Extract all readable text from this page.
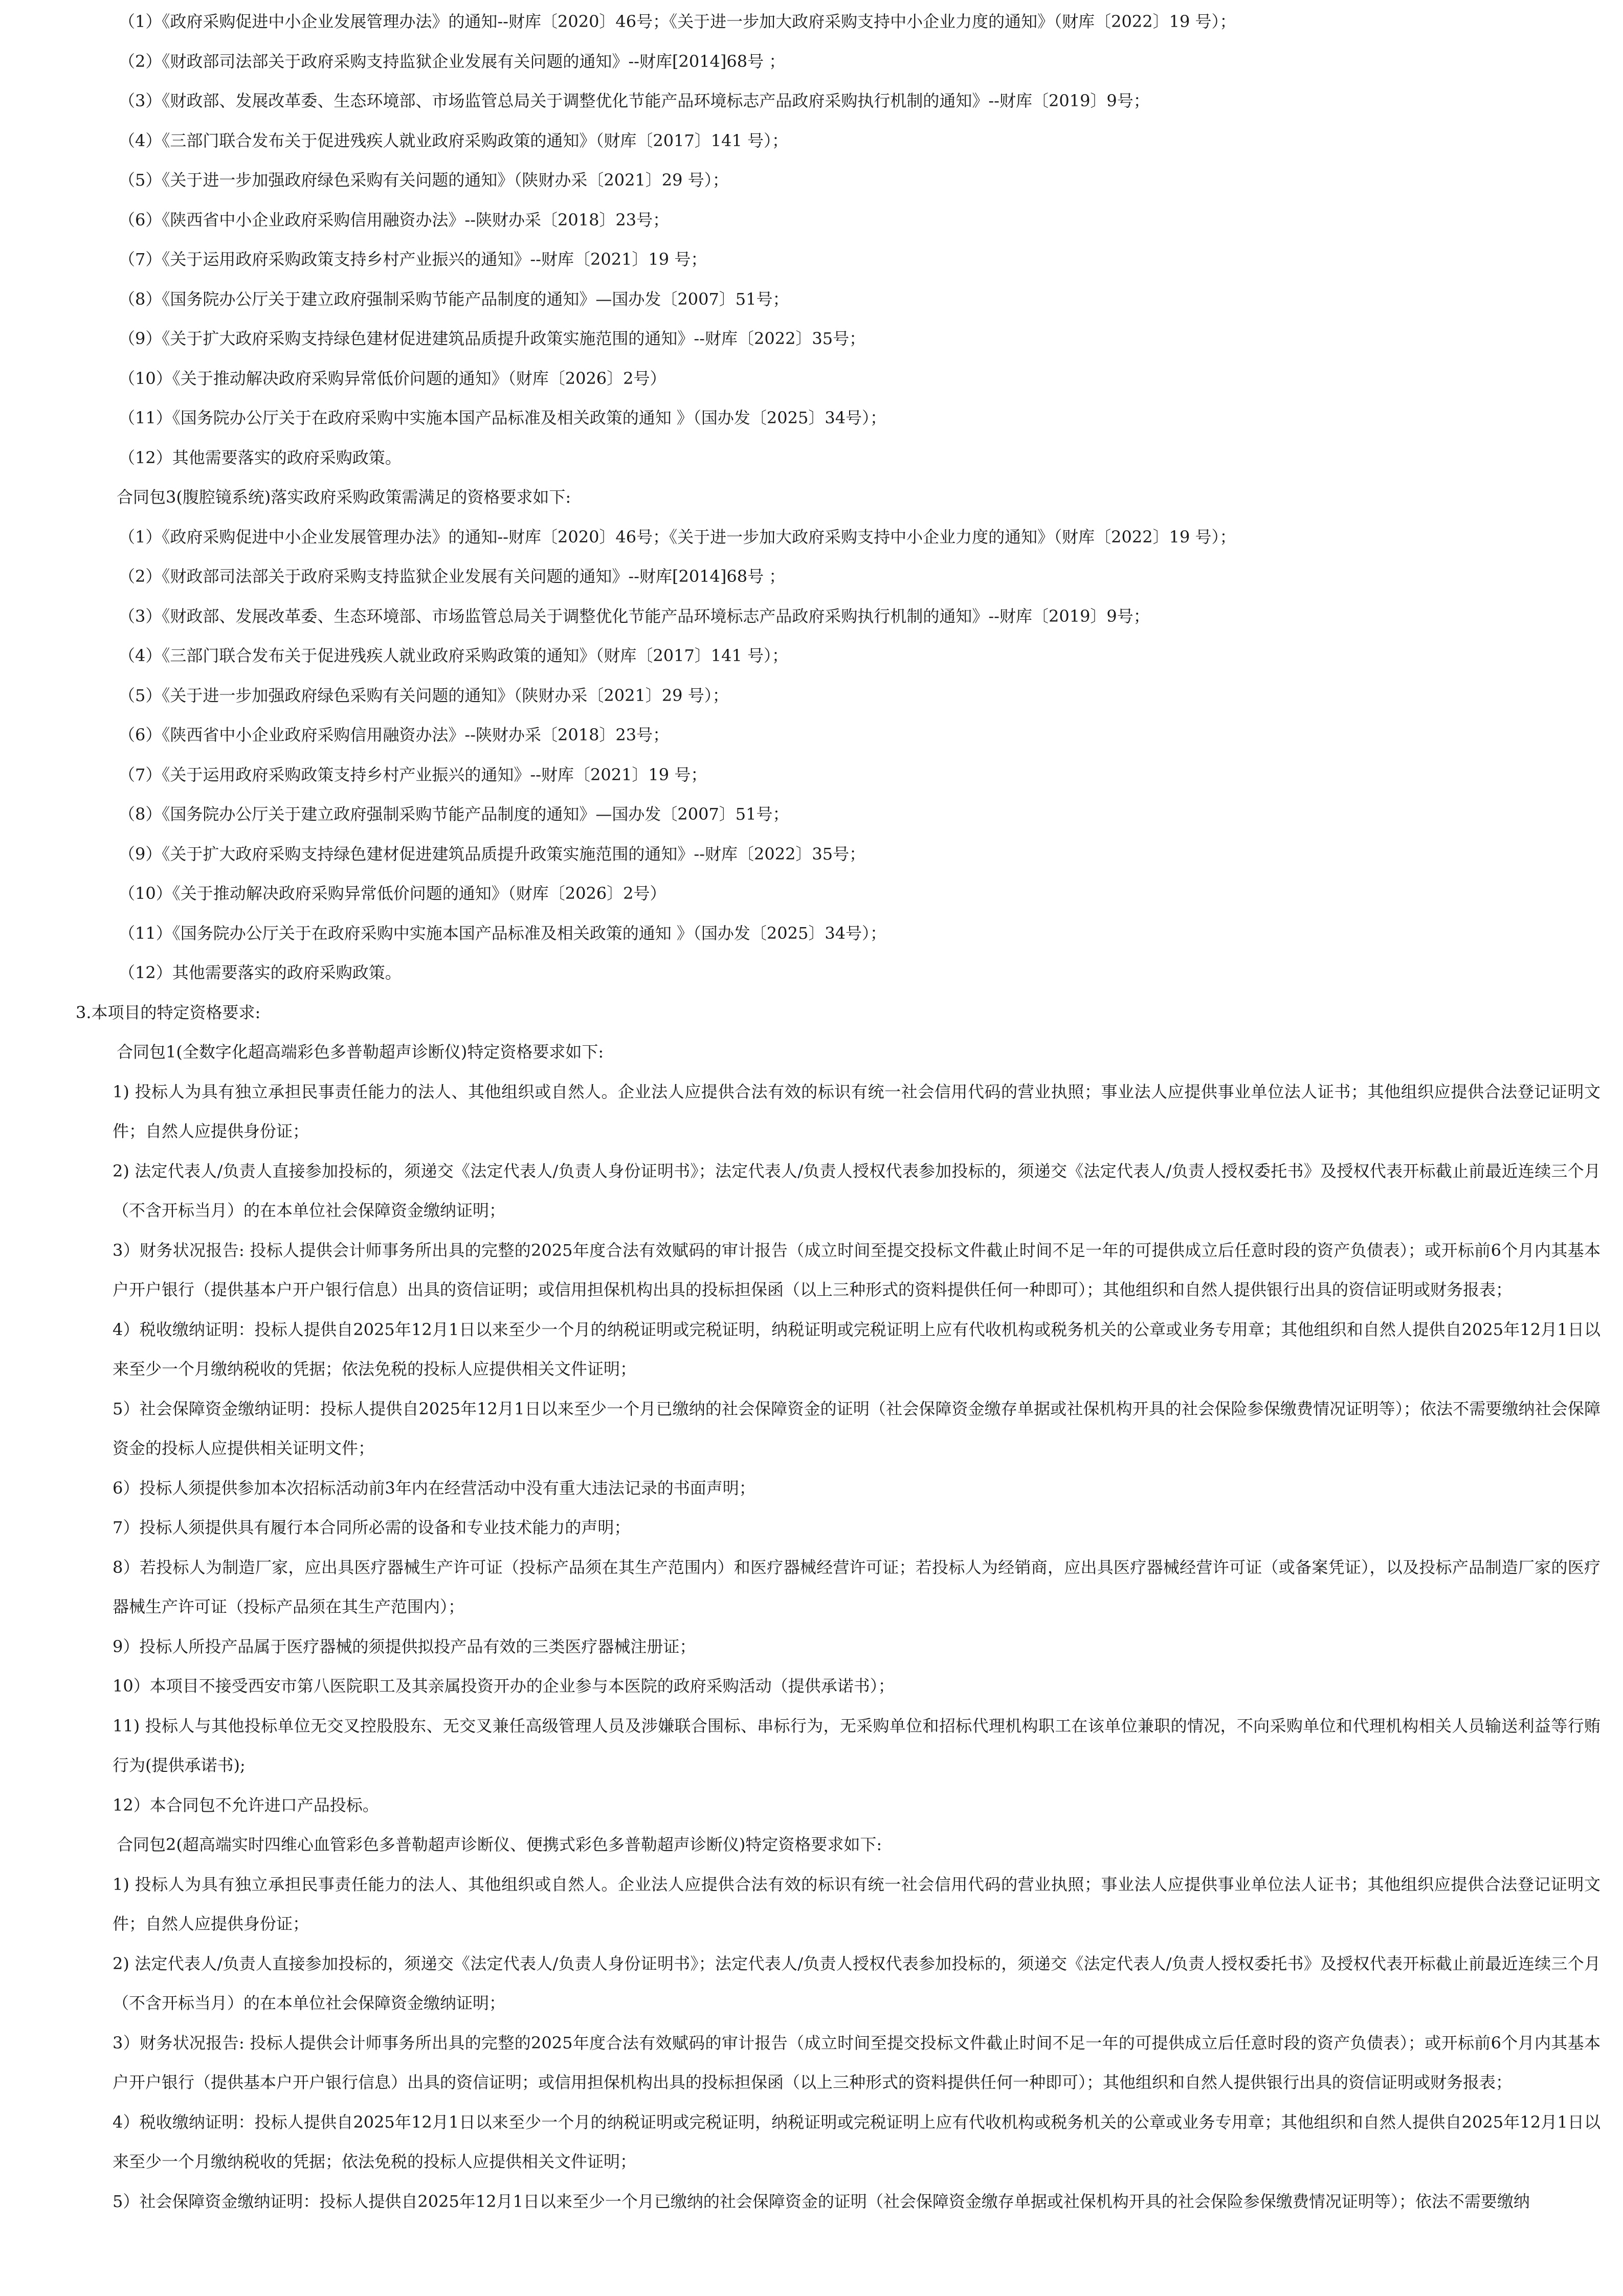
（1）《政府采购促进中小企业发展管理办法》的通知--财库〔2020〕46号；《关于进一步加大政府采购支持中小企业力度的通知》（财库〔2022〕19 号）；
（2）《财政部司法部关于政府采购支持监狱企业发展有关问题的通知》--财库[2014]68号 ；
（3）《财政部、发展改革委、生态环境部、市场监管总局关于调整优化节能产品环境标志产品政府采购执行机制的通知》--财库〔2019〕9号；
（4）《三部门联合发布关于促进残疾人就业政府采购政策的通知》（财库〔2017〕141 号）；
（5）《关于进一步加强政府绿色采购有关问题的通知》（陕财办采〔2021〕29 号）；
（6）《陕西省中小企业政府采购信用融资办法》--陕财办采〔2018〕23号；
（7）《关于运用政府采购政策支持乡村产业振兴的通知》--财库〔2021〕19 号；
（8）《国务院办公厅关于建立政府强制采购节能产品制度的通知》—国办发〔2007〕51号；
（9）《关于扩大政府采购支持绿色建材促进建筑品质提升政策实施范围的通知》--财库〔2022〕35号；
（10）《关于推动解决政府采购异常低价问题的通知》（财库〔2026〕2号）
（11）《国务院办公厅关于在政府采购中实施本国产品标准及相关政策的通知 》（国办发〔2025〕34号）；
（12）其他需要落实的政府采购政策。
合同包3(腹腔镜系统)落实政府采购政策需满足的资格要求如下:
（1）《政府采购促进中小企业发展管理办法》的通知--财库〔2020〕46号；《关于进一步加大政府采购支持中小企业力度的通知》（财库〔2022〕19 号）；
（2）《财政部司法部关于政府采购支持监狱企业发展有关问题的通知》--财库[2014]68号 ；
（3）《财政部、发展改革委、生态环境部、市场监管总局关于调整优化节能产品环境标志产品政府采购执行机制的通知》--财库〔2019〕9号；
（4）《三部门联合发布关于促进残疾人就业政府采购政策的通知》（财库〔2017〕141 号）；
（5）《关于进一步加强政府绿色采购有关问题的通知》（陕财办采〔2021〕29 号）；
（6）《陕西省中小企业政府采购信用融资办法》--陕财办采〔2018〕23号；
（7）《关于运用政府采购政策支持乡村产业振兴的通知》--财库〔2021〕19 号；
（8）《国务院办公厅关于建立政府强制采购节能产品制度的通知》—国办发〔2007〕51号；
（9）《关于扩大政府采购支持绿色建材促进建筑品质提升政策实施范围的通知》--财库〔2022〕35号；
（10）《关于推动解决政府采购异常低价问题的通知》（财库〔2026〕2号）
（11）《国务院办公厅关于在政府采购中实施本国产品标准及相关政策的通知 》（国办发〔2025〕34号）；
（12）其他需要落实的政府采购政策。
3.本项目的特定资格要求:
合同包1(全数字化超高端彩色多普勒超声诊断仪)特定资格要求如下:

1) 投标人为具有独立承担民事责任能力的法人、其他组织或自然人。企业法人应提供合法有效的标识有统一社会信用代码的营业执照；事业法人应提供事业单位法人证书；其他组织应提供合法登记证明文件；自然人应提供身份证；

2) 法定代表人/负责人直接参加投标的，须递交《法定代表人/负责人身份证明书》；法定代表人/负责人授权代表参加投标的，须递交《法定代表人/负责人授权委托书》及授权代表开标截止前最近连续三个月（不含开标当月）的在本单位社会保障资金缴纳证明；

3）财务状况报告: 投标人提供会计师事务所出具的完整的2025年度合法有效赋码的审计报告（成立时间至提交投标文件截止时间不足一年的可提供成立后任意时段的资产负债表）；或开标前6个月内其基本户开户银行（提供基本户开户银行信息）出具的资信证明；或信用担保机构出具的投标担保函（以上三种形式的资料提供任何一种即可）；其他组织和自然人提供银行出具的资信证明或财务报表；

4）税收缴纳证明：投标人提供自2025年12月1日以来至少一个月的纳税证明或完税证明，纳税证明或完税证明上应有代收机构或税务机关的公章或业务专用章；其他组织和自然人提供自2025年12月1日以来至少一个月缴纳税收的凭据；依法免税的投标人应提供相关文件证明；

5）社会保障资金缴纳证明：投标人提供自2025年12月1日以来至少一个月已缴纳的社会保障资金的证明（社会保障资金缴存单据或社保机构开具的社会保险参保缴费情况证明等）；依法不需要缴纳社会保障资金的投标人应提供相关证明文件；

6）投标人须提供参加本次招标活动前3年内在经营活动中没有重大违法记录的书面声明；

7）投标人须提供具有履行本合同所必需的设备和专业技术能力的声明；

8）若投标人为制造厂家，应出具医疗器械生产许可证（投标产品须在其生产范围内）和医疗器械经营许可证；若投标人为经销商，应出具医疗器械经营许可证（或备案凭证），以及投标产品制造厂家的医疗器械生产许可证（投标产品须在其生产范围内）；

9）投标人所投产品属于医疗器械的须提供拟投产品有效的三类医疗器械注册证；

10）本项目不接受西安市第八医院职工及其亲属投资开办的企业参与本医院的政府采购活动（提供承诺书）；

11) 投标人与其他投标单位无交叉控股股东、无交叉兼任高级管理人员及涉嫌联合围标、串标行为，无采购单位和招标代理机构职工在该单位兼职的情况，不向采购单位和代理机构相关人员输送利益等行贿行为(提供承诺书);

12）本合同包不允许进口产品投标。

合同包2(超高端实时四维心血管彩色多普勒超声诊断仪、便携式彩色多普勒超声诊断仪)特定资格要求如下:

1) 投标人为具有独立承担民事责任能力的法人、其他组织或自然人。企业法人应提供合法有效的标识有统一社会信用代码的营业执照；事业法人应提供事业单位法人证书；其他组织应提供合法登记证明文件；自然人应提供身份证；

2) 法定代表人/负责人直接参加投标的，须递交《法定代表人/负责人身份证明书》；法定代表人/负责人授权代表参加投标的，须递交《法定代表人/负责人授权委托书》及授权代表开标截止前最近连续三个月（不含开标当月）的在本单位社会保障资金缴纳证明；

3）财务状况报告: 投标人提供会计师事务所出具的完整的2025年度合法有效赋码的审计报告（成立时间至提交投标文件截止时间不足一年的可提供成立后任意时段的资产负债表）；或开标前6个月内其基本户开户银行（提供基本户开户银行信息）出具的资信证明；或信用担保机构出具的投标担保函（以上三种形式的资料提供任何一种即可）；其他组织和自然人提供银行出具的资信证明或财务报表；

4）税收缴纳证明：投标人提供自2025年12月1日以来至少一个月的纳税证明或完税证明，纳税证明或完税证明上应有代收机构或税务机关的公章或业务专用章；其他组织和自然人提供自2025年12月1日以来至少一个月缴纳税收的凭据；依法免税的投标人应提供相关文件证明；

5）社会保障资金缴纳证明：投标人提供自2025年12月1日以来至少一个月已缴纳的社会保障资金的证明（社会保障资金缴存单据或社保机构开具的社会保险参保缴费情况证明等）；依法不需要缴纳
